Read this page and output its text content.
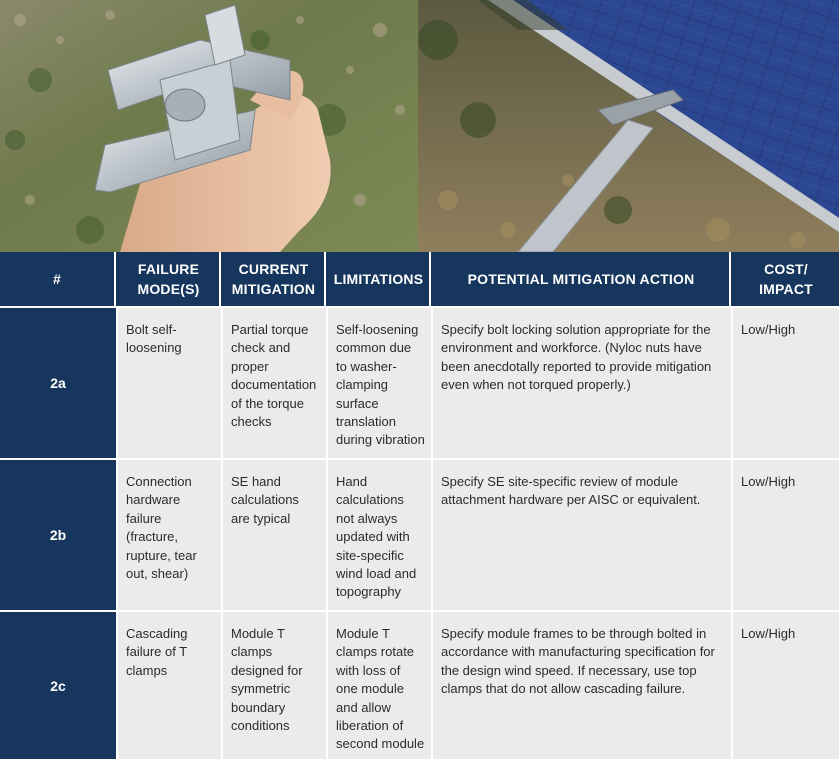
#
FAILURE
MODE(S)
CURRENT
MITIGATION
LIMITATIONS	POTENTIAL MITIGATION ACTION
COST/
IMPACT
2a
Bolt self-loosening
Partial torque check and proper documentation of the torque checks
Self-loosening common due to washer-clamping surface translation during vibration
Specify bolt locking solution appropriate for the environment and workforce. (Nyloc nuts have been anecdotally reported to provide mitigation even when not torqued properly.)
Low/High
2b
Connection hardware failure (fracture, rupture, tear out, shear)
SE hand calculations are typical
Hand calculations not always updated with site-specific wind load and topography
Specify SE site-specific review of module attachment hardware per AISC or equivalent.
Low/High
2c
Cascading failure of T clamps
Module T clamps designed for symmetric boundary conditions
Module T clamps rotate with loss of one module and allow liberation of second module
Specify module frames to be through bolted in accordance with manufacturing specification for the design wind speed. If necessary, use top clamps that do not allow cascading failure.
Low/High
